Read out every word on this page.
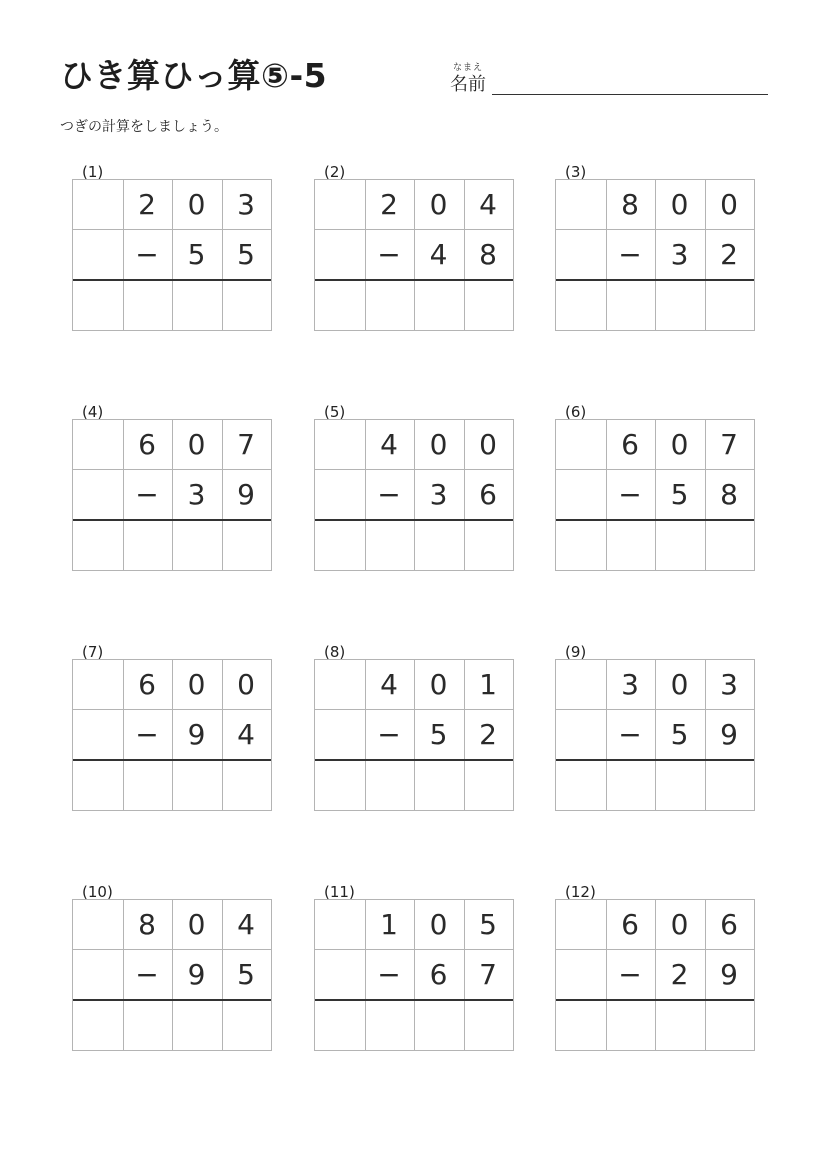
ひき算ひっ算⑤-5	なまえ
名前
つぎの計算をしましょう。
(1)
2	0	3
−	5	5
(2)
2	0	4
−	4	8
(3)
8	0	0
−	3	2
(4)
6	0	7
−	3	9
(5)
4	0	0
−	3	6
(6)
6	0	7
−	5	8
(7)
6	0	0
−	9	4
(8)
4	0	1
−	5	2
(9)
3	0	3
−	5	9
(10)
8	0	4
−	9	5
(11)
1	0	5
−	6	7
(12)
6	0	6
−	2	9
